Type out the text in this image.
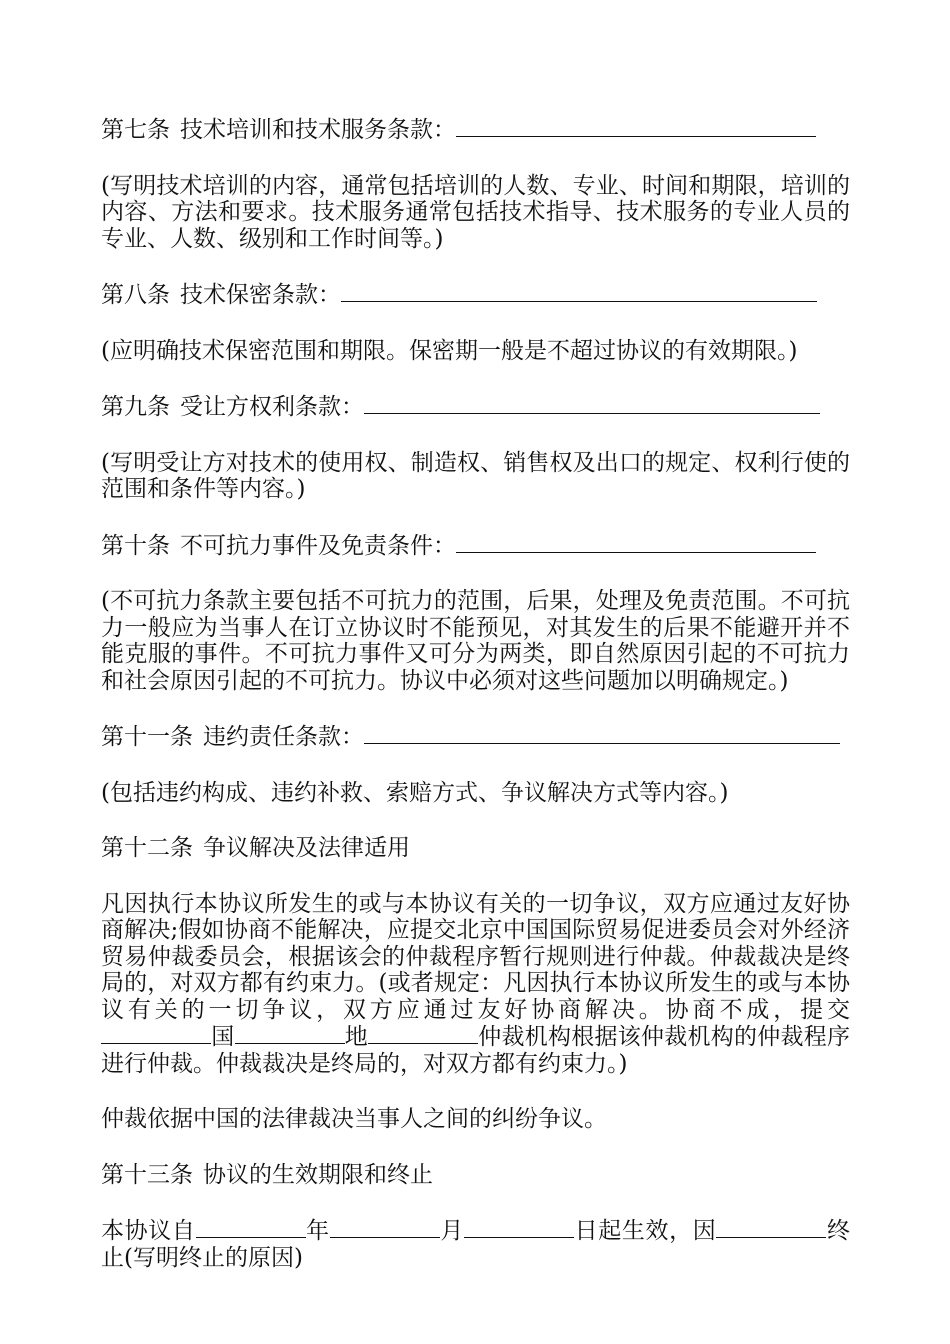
第七条 技术培训和技术服务条款：

(写明技术培训的内容，通常包括培训的人数、专业、时间和期限，培训的内容、方法和要求。技术服务通常包括技术指导、技术服务的专业人员的专业、人数、级别和工作时间等。)

第八条 技术保密条款：

(应明确技术保密范围和期限。保密期一般是不超过协议的有效期限。)

第九条 受让方权利条款：

(写明受让方对技术的使用权、制造权、销售权及出口的规定、权利行使的范围和条件等内容。)

第十条 不可抗力事件及免责条件：

(不可抗力条款主要包括不可抗力的范围，后果，处理及免责范围。不可抗力一般应为当事人在订立协议时不能预见，对其发生的后果不能避开并不能克服的事件。不可抗力事件又可分为两类，即自然原因引起的不可抗力和社会原因引起的不可抗力。协议中必须对这些问题加以明确规定。)

第十一条 违约责任条款：

(包括违约构成、违约补救、索赔方式、争议解决方式等内容。)

第十二条 争议解决及法律适用

凡因执行本协议所发生的或与本协议有关的一切争议，双方应通过友好协商解决;假如协商不能解决，应提交北京中国国际贸易促进委员会对外经济贸易仲裁委员会，根据该会的仲裁程序暂行规则进行仲裁。仲裁裁决是终局的，对双方都有约束力。(或者规定：凡因执行本协议所发生的或与本协议有关的一切争议，双方应通过友好协商解决。协商不成，提交国	地	仲裁机构根据该仲裁机构的仲裁程序进行仲裁。仲裁裁决是终局的，对双方都有约束力。)

仲裁依据中国的法律裁决当事人之间的纠纷争议。

第十三条 协议的生效期限和终止

本协议自	年	月	日起生效，因	终止(写明终止的原因)
